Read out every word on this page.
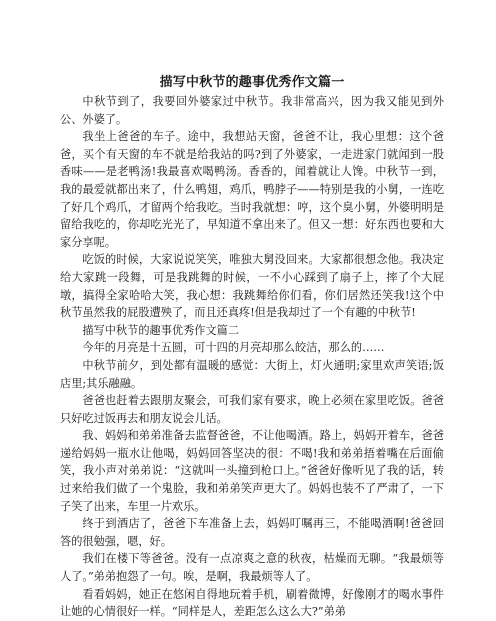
描写中秋节的趣事优秀作文篇一

中秋节到了，我要回外婆家过中秋节。我非常高兴，因为我又能见到外公、外婆了。

我坐上爸爸的车子。途中，我想站天窗，爸爸不让，我心里想：这个爸爸，买个有天窗的车不就是给我站的吗?到了外婆家，一走进家门就闻到一股香味——是老鸭汤!我最喜欢喝鸭汤。香香的，闻着就让人馋。中秋节一到，我的最爱就都出来了，什么鸭翅，鸡爪，鸭脖子——特别是我的小舅，一连吃了好几个鸡爪，才留两个给我吃。当时我就想：哼，这个臭小舅，外婆明明是留给我吃的，你却吃光光了，早知道不拿出来了。但又一想：好东西也要和大家分享呢。

吃饭的时候，大家说说笑笑，唯独大舅没回来。大家都很想念他。我决定给大家跳一段舞，可是我跳舞的时候，一不小心踩到了扇子上，摔了个大屁墩，搞得全家哈哈大笑，我心想：我跳舞给你们看，你们居然还笑我!这个中秋节虽然我的屁股遭殃了，而且还真疼!但是我却过了一个有趣的中秋节!

描写中秋节的趣事优秀作文篇二

今年的月亮是十五圆，可十四的月亮却那么皎洁，那么的……

中秋节前夕，到处都有温暖的感觉：大街上，灯火通明;家里欢声笑语;饭店里;其乐融融。

爸爸也赶着去跟朋友聚会，可我们家有要求，晚上必须在家里吃饭。爸爸只好吃过饭再去和朋友说会儿话。

我、妈妈和弟弟准备去监督爸爸，不让他喝酒。路上，妈妈开着车，爸爸递给妈妈一瓶水让他喝，妈妈回答坚决的很：不喝!我和弟弟捂着嘴在后面偷笑，我小声对弟弟说：“这就叫一头撞到枪口上。”爸爸好像听见了我的话，转过来给我们做了一个鬼脸，我和弟弟笑声更大了。妈妈也装不了严肃了，一下子笑了出来，车里一片欢乐。

终于到酒店了，爸爸下车准备上去，妈妈叮嘱再三，不能喝酒啊!爸爸回答的很勉强，嗯，好。

我们在楼下等爸爸。没有一点凉爽之意的秋夜，枯燥而无聊。“我最烦等人了。”弟弟抱怨了一句。唉，是啊，我最烦等人了。

看看妈妈，她正在悠闲自得地玩着手机，刷着微博，好像刚才的喝水事件让她的心情很好一样。“同样是人，差距怎么这么大?”弟弟
